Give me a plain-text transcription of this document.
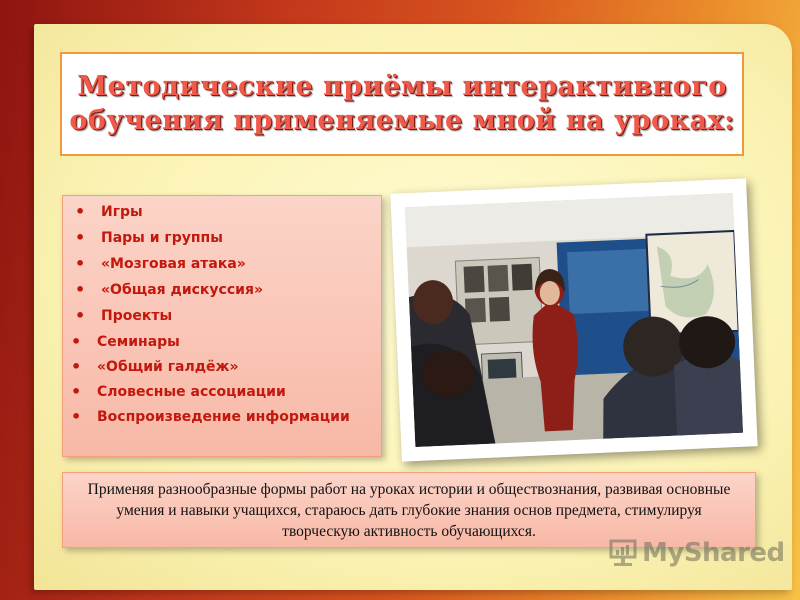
Методические приёмы интерактивного
обучения применяемые мной на уроках:
• Игры
• Пары и группы
• «Мозговая атака»
• «Общая дискуссия»
• Проекты
• Семинары
• «Общий галдёж»
• Словесные ассоциации
• Воспроизведение информации
Применяя разнообразные формы работ на уроках истории и обществознания, развивая основные умения и навыки учащихся, стараюсь дать глубокие знания основ предмета, стимулируя творческую активность обучающихся.
MyShared
